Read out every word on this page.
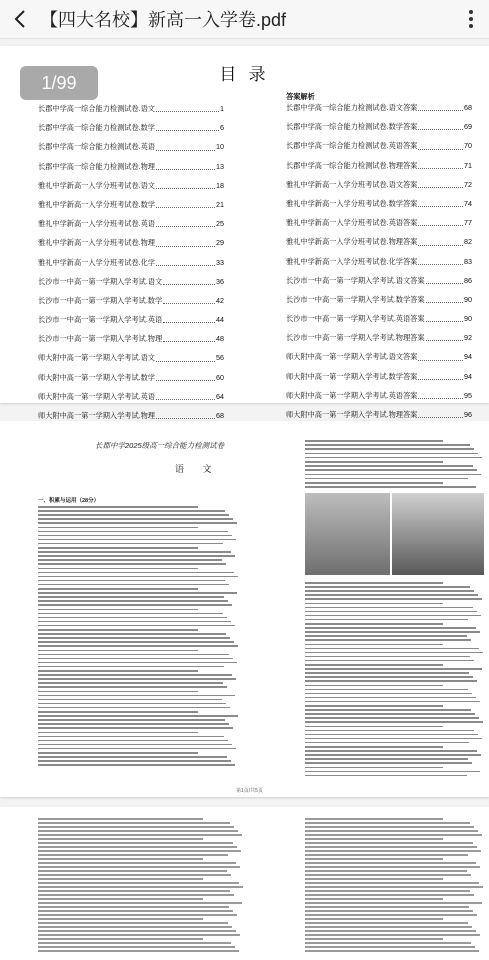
【四大名校】新高一入学卷.pdf
1/99	目 录
长郡中学高一综合能力检测试卷.语文	1
长郡中学高一综合能力检测试卷.数学	6
长郡中学高一综合能力检测试卷.英语	10
长郡中学高一综合能力检测试卷.物理	13
雅礼中学新高一入学分班考试卷.语文	18
雅礼中学新高一入学分班考试卷.数学	21
雅礼中学新高一入学分班考试卷.英语	25
雅礼中学新高一入学分班考试卷.物理	29
雅礼中学新高一入学分班考试卷.化学	33
长沙市一中高一第一学期入学考试.语文	36
长沙市一中高一第一学期入学考试.数学	42
长沙市一中高一第一学期入学考试.英语	44
长沙市一中高一第一学期入学考试.物理	48
师大附中高一第一学期入学考试.语文	56
师大附中高一第一学期入学考试.数学	60
师大附中高一第一学期入学考试.英语	64
师大附中高一第一学期入学考试.物理	68
答案解析
长郡中学高一综合能力检测试卷.语文答案	68
长郡中学高一综合能力检测试卷.数学答案	69
长郡中学高一综合能力检测试卷.英语答案	70
长郡中学高一综合能力检测试卷.物理答案	71
雅礼中学新高一入学分班考试卷.语文答案	72
雅礼中学新高一入学分班考试卷.数学答案	74
雅礼中学新高一入学分班考试卷.英语答案	77
雅礼中学新高一入学分班考试卷.物理答案	82
雅礼中学新高一入学分班考试卷.化学答案	83
长沙市一中高一第一学期入学考试.语文答案	86
长沙市一中高一第一学期入学考试.数学答案	90
长沙市一中高一第一学期入学考试.英语答案	90
长沙市一中高一第一学期入学考试.物理答案	92
师大附中高一第一学期入学考试.语文答案	94
师大附中高一第一学期入学考试.数学答案	94
师大附中高一第一学期入学考试.英语答案	95
师大附中高一第一学期入学考试.物理答案	96
长郡中学2025级高一综合能力检测试卷
语 文
一、积累与运用（28分）
第1页/共5页
